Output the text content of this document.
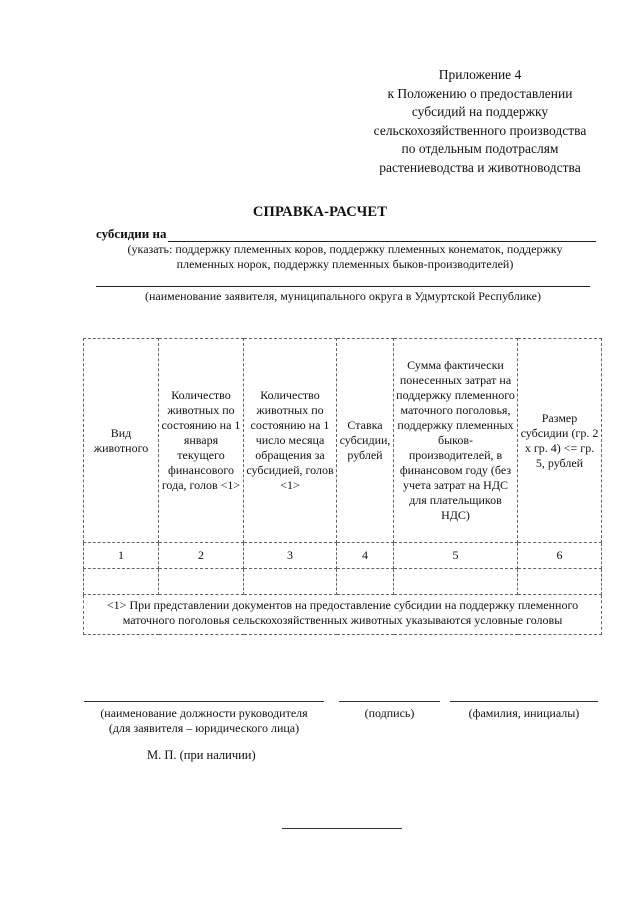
Приложение 4
к Положению о предоставлении
субсидий на поддержку
сельскохозяйственного производства
по отдельным подотраслям
растениеводства и животноводства
СПРАВКА-РАСЧЕТ
субсидии на
(указать: поддержку племенных коров, поддержку племенных конематок, поддержку
племенных норок, поддержку племенных быков-производителей)
(наименование заявителя, муниципального округа в Удмуртской Республике)
Вид животного	Количество животных по состоянию на 1 января текущего финансового года, голов <1>	Количество животных по состоянию на 1 число месяца обращения за субсидией, голов <1>	Ставка субсидии, рублей	Сумма фактически понесенных затрат на поддержку племенного маточного поголовья, поддержку племенных быков-производителей, в финансовом году (без учета затрат на НДС для плательщиков НДС)	Размер субсидии (гр. 2 x гр. 4) <= гр. 5, рублей
1	2	3	4	5	6

<1> При представлении документов на предоставление субсидии на поддержку племенного маточного поголовья сельскохозяйственных животных указываются условные головы					
(наименование должности руководителя
(для заявителя – юридического лица)
(подпись)	(фамилия, инициалы)
М. П. (при наличии)
